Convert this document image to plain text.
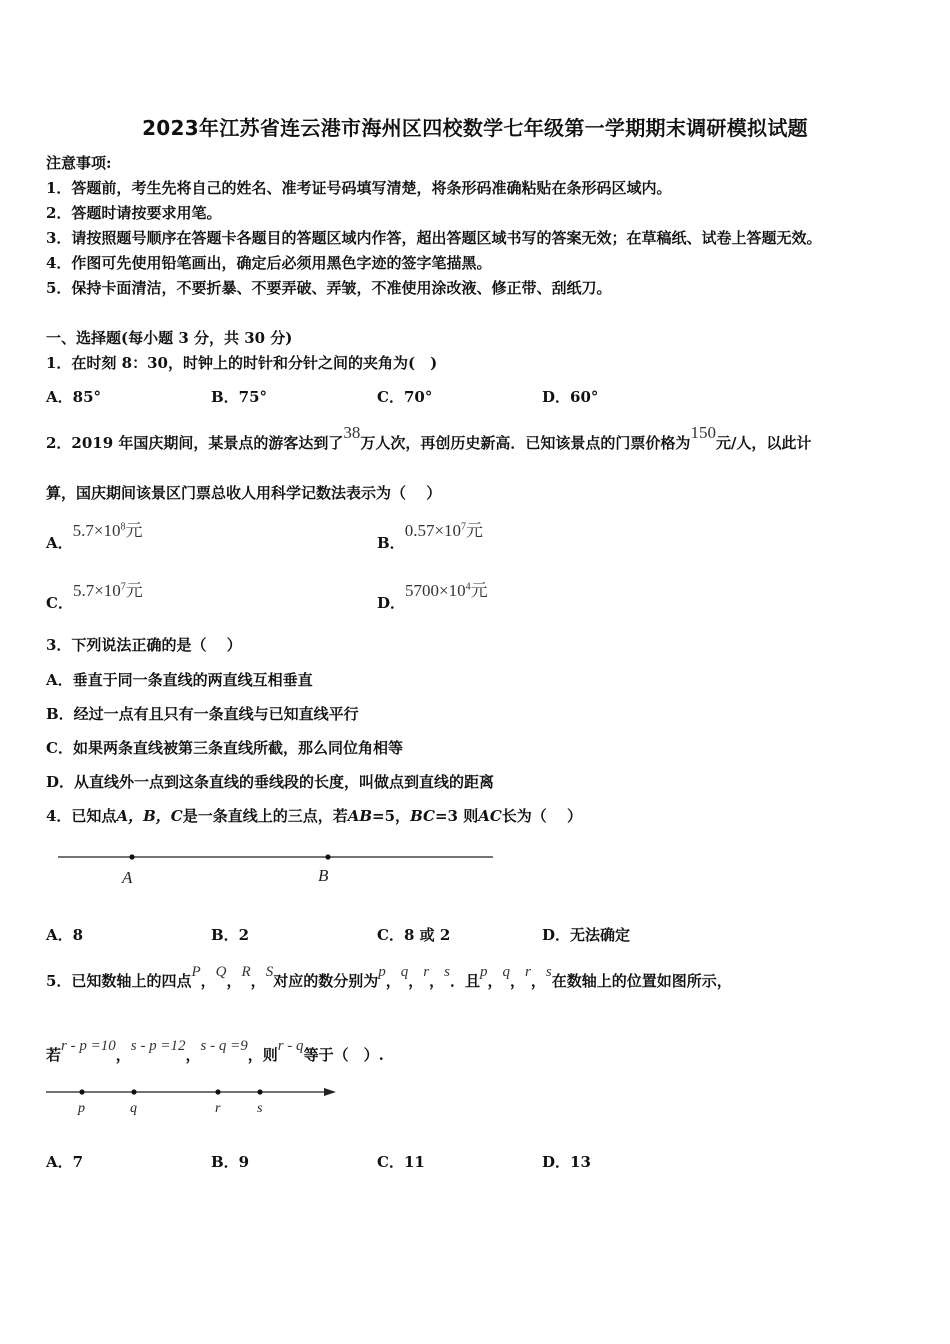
2023年江苏省连云港市海州区四校数学七年级第一学期期末调研模拟试题
注意事项:
1．答题前，考生先将自己的姓名、准考证号码填写清楚，将条形码准确粘贴在条形码区域内。
2．答题时请按要求用笔。
3．请按照题号顺序在答题卡各题目的答题区域内作答，超出答题区域书写的答案无效；在草稿纸、试卷上答题无效。
4．作图可先使用铅笔画出，确定后必须用黑色字迹的签字笔描黑。
5．保持卡面清洁，不要折暴、不要弄破、弄皱，不准使用涂改液、修正带、刮纸刀。
一、选择题(每小题 3 分，共 30 分)
1．在时刻 8：30，时钟上的时针和分针之间的夹角为(　)
A．85°	B．75°	C．70°	D．60°
2．2019 年国庆期间，某景点的游客达到了38万人次，再创历史新高．已知该景点的门票价格为150元/人，以此计
算，国庆期间该景区门票总收人用科学记数法表示为（　 ）
A．$5.7\times 10^8$元
B．$0.57\times 10^7$元
C．$5.7\times 10^7$元
D．$5700\times 10^4$元
3．下列说法正确的是（　 ）
A．垂直于同一条直线的两直线互相垂直
B．经过一点有且只有一条直线与已知直线平行
C．如果两条直线被第三条直线所截，那么同位角相等
D．从直线外一点到这条直线的垂线段的长度，叫做点到直线的距离
4．已知点A，B，C是一条直线上的三点，若AB=5，BC=3 则AC长为（　 ）
A	B
A．8	B．2	C．8 或 2	D．无法确定
5．已知数轴上的四点P，Q，R，S对应的数分别为p，q，r，s．且p，q，r，s在数轴上的位置如图所示，
若r - p =10，s - p =12，s - q =9，则r - q等于（　）.
p	q	r	s
A．7	B．9	C．11	D．13
